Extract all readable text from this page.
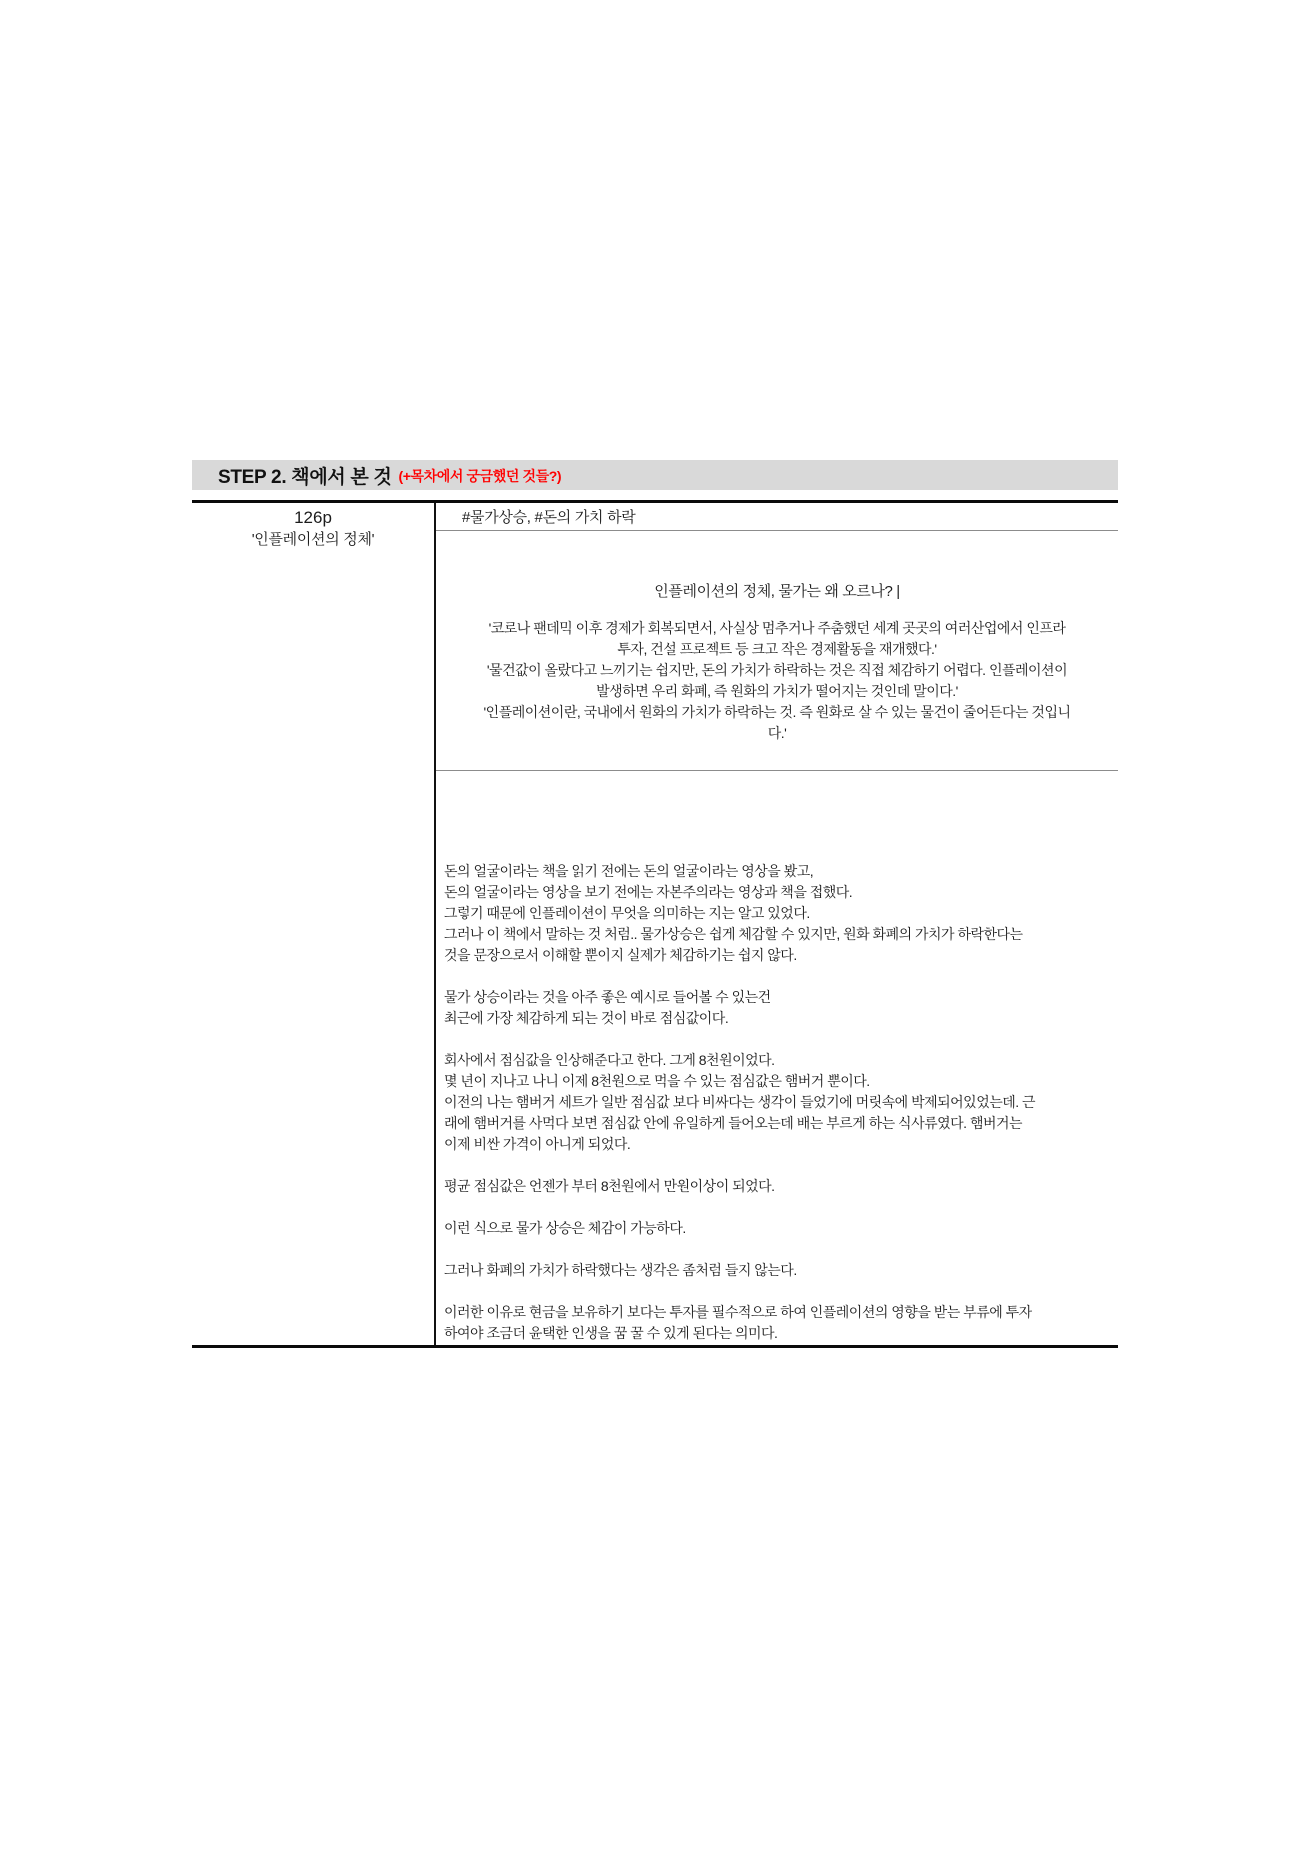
STEP 2. 책에서 본 것 (+목차에서 궁금했던 것들?)
126p
'인플레이션의 정체'
#물가상승, #돈의 가치 하락
인플레이션의 정체, 물가는 왜 오르나? |
'코로나 팬데믹 이후 경제가 회복되면서, 사실상 멈추거나 주춤했던 세계 곳곳의 여러산업에서 인프라
투자, 건설 프로젝트 등 크고 작은 경제활동을 재개했다.'
'물건값이 올랐다고 느끼기는 쉽지만, 돈의 가치가 하락하는 것은 직접 체감하기 어렵다. 인플레이션이
발생하면 우리 화폐, 즉 원화의 가치가 떨어지는 것인데 말이다.'
'인플레이션이란, 국내에서 원화의 가치가 하락하는 것. 즉 원화로 살 수 있는 물건이 줄어든다는 것입니
다.'
돈의 얼굴이라는 책을 읽기 전에는 돈의 얼굴이라는 영상을 봤고,
돈의 얼굴이라는 영상을 보기 전에는 자본주의라는 영상과 책을 접했다.
그렇기 때문에 인플레이션이 무엇을 의미하는 지는 알고 있었다.
그러나 이 책에서 말하는 것 처럼.. 물가상승은 쉽게 체감할 수 있지만, 원화 화폐의 가치가 하락한다는
것을 문장으로서 이해할 뿐이지 실제가 체감하기는 쉽지 않다.
물가 상승이라는 것을 아주 좋은 예시로 들어볼 수 있는건
최근에 가장 체감하게 되는 것이 바로 점심값이다.
회사에서 점심값을 인상해준다고 한다. 그게 8천원이었다.
몇 년이 지나고 나니 이제 8천원으로 먹을 수 있는 점심값은 햄버거 뿐이다.
이전의 나는 햄버거 세트가 일반 점심값 보다 비싸다는 생각이 들었기에 머릿속에 박제되어있었는데. 근
래에 햄버거를 사먹다 보면 점심값 안에 유일하게 들어오는데 배는 부르게 하는 식사류였다. 햄버거는
이제 비싼 가격이 아니게 되었다.
평균 점심값은 언젠가 부터 8천원에서 만원이상이 되었다.
이런 식으로 물가 상승은 체감이 가능하다.
그러나 화폐의 가치가 하락했다는 생각은 좀처럼 들지 않는다.
이러한 이유로 현금을 보유하기 보다는 투자를 필수적으로 하여 인플레이션의 영향을 받는 부류에 투자
하여야 조금더 윤택한 인생을 꿈 꿀 수 있게 된다는 의미다.
